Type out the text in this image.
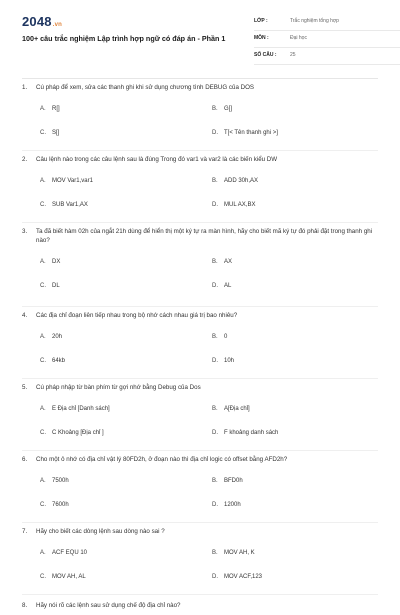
2048.vn
100+ câu trắc nghiệm Lập trình hợp ngữ có đáp án - Phần 1
LỚP :	Trắc nghiệm tổng hợp
MÔN :	Đại học
SỐ CÂU :	25
1. Cú pháp để xem, sửa các thanh ghi khi sử dụng chương tình DEBUG của DOS
A. R[]	B. G[]
C. S[]	D. T[< Tên thanh ghi >]
2. Câu lệnh nào trong các câu lệnh sau là đúng Trong đó var1 và var2 là các biến kiểu DW
A. MOV Var1,var1	B. ADD 30h,AX
C. SUB Var1,AX	D. MUL AX,BX
3. Ta đã biết hàm 02h của ngắt 21h dùng để hiển thị một ký tự ra màn hình, hãy cho biết mã ký tự đó phải đặt trong thanh ghi nào?
A. DX	B. AX
C. DL	D. AL
4. Các địa chỉ đoạn liên tiếp nhau trong bộ nhớ cách nhau giá trị bao nhiêu?
A. 20h	B. 0
C. 64kb	D. 10h
5. Cú pháp nhập từ bàn phím từ gợi nhớ bằng Debug của Dos
A. E Địa chỉ [Danh sách]	B. A[Địa chỉ]
C. C Khoảng [Địa chỉ ]	D. F khoảng danh sách
6. Cho một ô nhớ có địa chỉ vật lý 80FD2h, ở đoạn nào thì địa chỉ logic có offset bằng AFD2h?
A. 7500h	B. BFD0h
C. 7600h	D. 1200h
7. Hãy cho biết các dòng lệnh sau dòng nào sai ?
A. ACF EQU 10	B. MOV AH, K
C. MOV AH, AL	D. MOV ACF,123
8. Hãy nói rõ các lệnh sau sử dụng chế độ địa chỉ nào?
